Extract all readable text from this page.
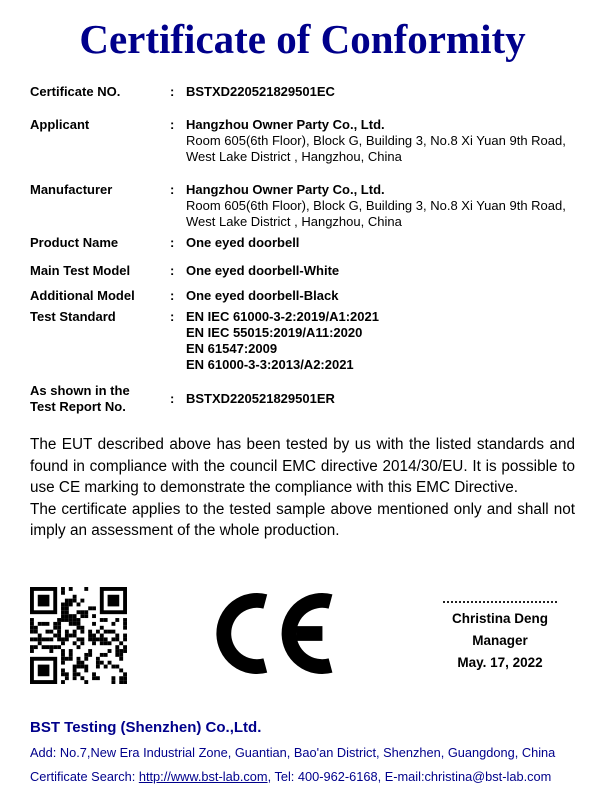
Certificate of Conformity
Certificate NO.	: BSTXD220521829501EC
Applicant	: Hangzhou Owner Party Co., Ltd.
Room 605(6th Floor), Block G, Building 3, No.8 Xi Yuan 9th Road, West Lake District , Hangzhou, China
Manufacturer	: Hangzhou Owner Party Co., Ltd.
Room 605(6th Floor), Block G, Building 3, No.8 Xi Yuan 9th Road, West Lake District , Hangzhou, China
Product Name	: One eyed doorbell
Main Test Model	: One eyed doorbell-White
Additional Model	: One eyed doorbell-Black
Test Standard	: EN IEC 61000-3-2:2019/A1:2021
EN IEC 55015:2019/A11:2020
EN 61547:2009
EN 61000-3-3:2013/A2:2021
As shown in the
Test Report No.
: BSTXD220521829501ER

The EUT described above has been tested by us with the listed standards and found in compliance with the council EMC directive 2014/30/EU. It is possible to use CE marking to demonstrate the compliance with this EMC Directive.

The certificate applies to the tested sample above mentioned only and shall not imply an assessment of the whole production.

Christina Deng
Manager
May. 17, 2022
BST Testing (Shenzhen) Co.,Ltd.
Add: No.7,New Era Industrial Zone, Guantian, Bao'an District, Shenzhen, Guangdong, China
Certificate Search: http://www.bst-lab.com, Tel: 400-962-6168, E-mail:christina@bst-lab.com
